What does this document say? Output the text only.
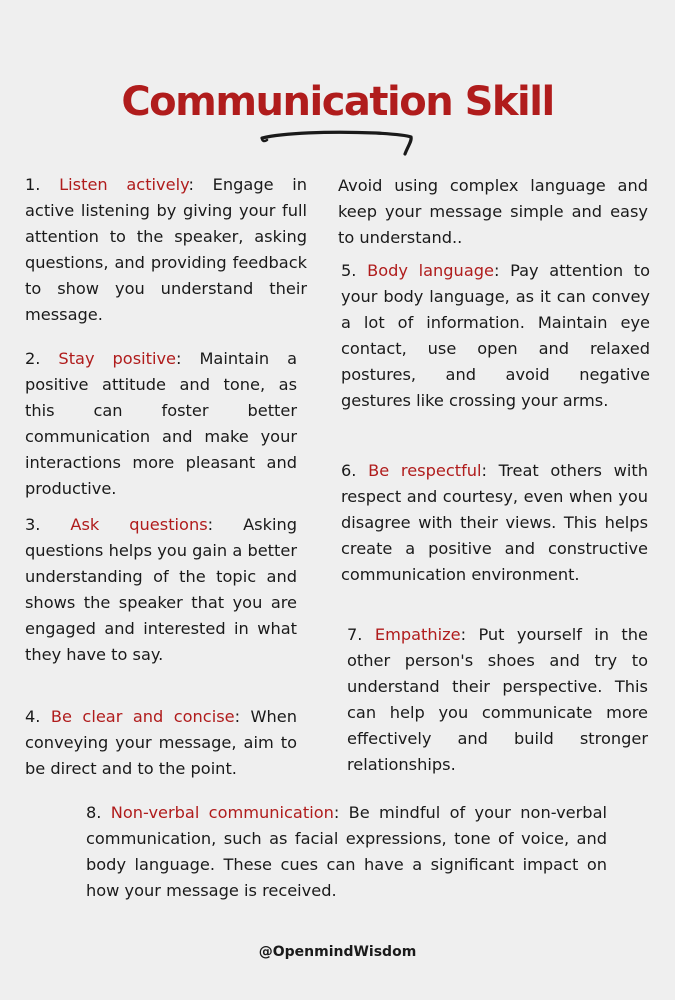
Communication Skill

1. Listen actively: Engage in active listening by giving your full attention to the speaker, asking questions, and providing feedback to show you understand their message.

2. Stay positive: Maintain a positive attitude and tone, as this can foster better communication and make your interactions more pleasant and productive.

3. Ask questions: Asking questions helps you gain a better understanding of the topic and shows the speaker that you are engaged and interested in what they have to say.

4. Be clear and concise: When conveying your message, aim to be direct and to the point.

Avoid using complex language and keep your message simple and easy to understand..

5. Body language: Pay attention to your body language, as it can convey a lot of information. Maintain eye contact, use open and relaxed postures, and avoid negative gestures like crossing your arms.

6. Be respectful: Treat others with respect and courtesy, even when you disagree with their views. This helps create a positive and constructive communication environment.

7. Empathize: Put yourself in the other person's shoes and try to understand their perspective. This can help you communicate more effectively and build stronger relationships.

8. Non-verbal communication: Be mindful of your non-verbal communication, such as facial expressions, tone of voice, and body language. These cues can have a significant impact on how your message is received.

@OpenmindWisdom
